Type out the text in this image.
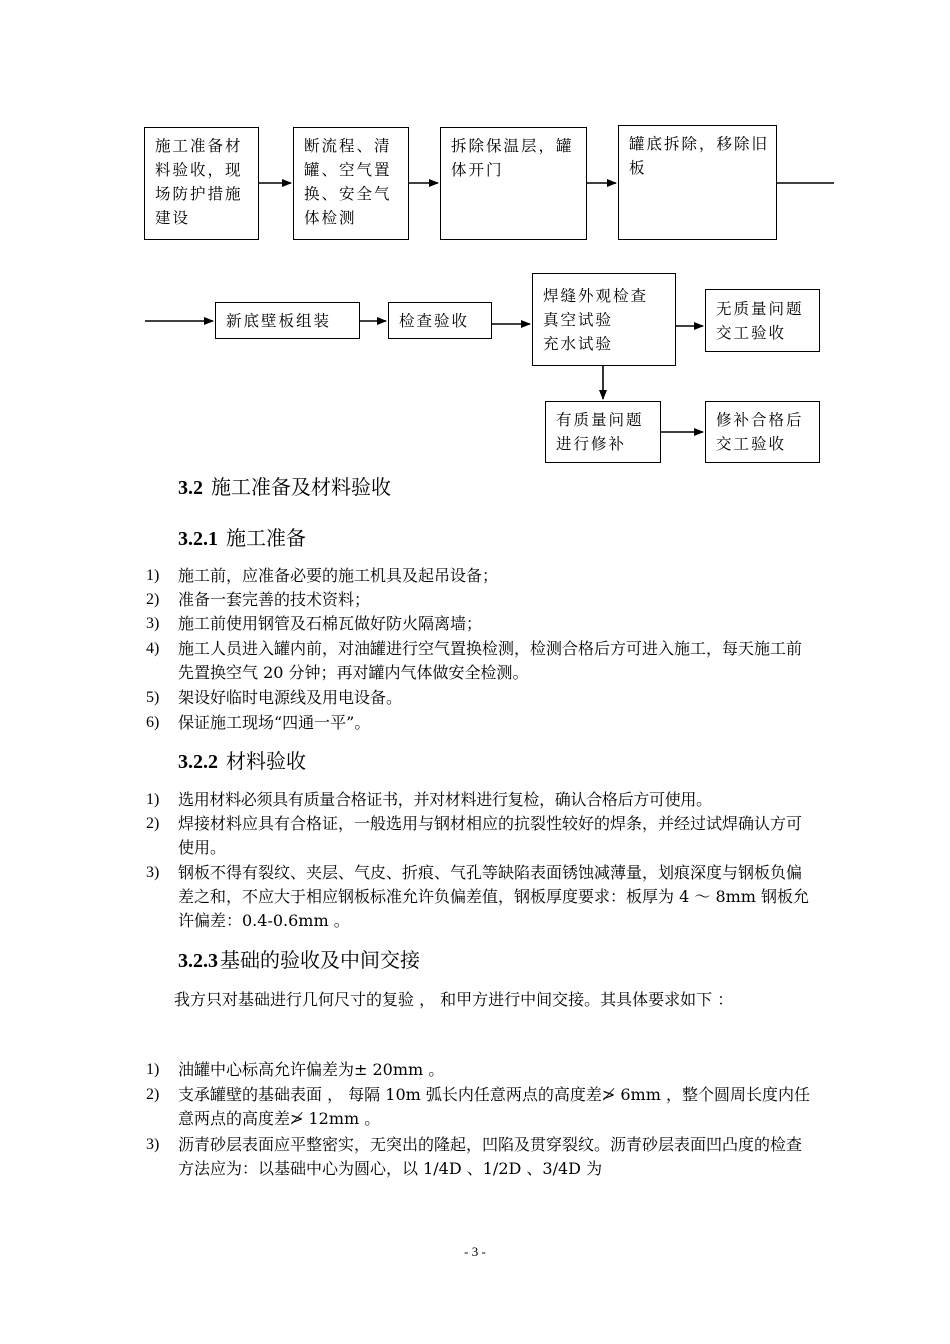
施工准备材
料验收，现
场防护措施
建设
断流程、清
罐、空气置
换、安全气
体检测
拆除保温层，罐
体开门
罐底拆除，移除旧
板
新底壁板组装	检查验收
焊缝外观检查
真空试验
充水试验
无质量问题
交工验收
有质量问题
进行修补
修补合格后
交工验收
3.2 施工准备及材料验收
3.2.1 施工准备
1) 施工前，应准备必要的施工机具及起吊设备；
2) 准备一套完善的技术资料；
3) 施工前使用钢管及石棉瓦做好防火隔离墙；
4) 施工人员进入罐内前，对油罐进行空气置换检测，检测合格后方可进入施工，每天施工前先置换空气 20 分钟；再对罐内气体做安全检测。
5) 架设好临时电源线及用电设备。
6) 保证施工现场“四通一平”。
3.2.2 材料验收
1) 选用材料必须具有质量合格证书，并对材料进行复检，确认合格后方可使用。
2) 焊接材料应具有合格证，一般选用与钢材相应的抗裂性较好的焊条，并经过试焊确认方可使用。
3) 钢板不得有裂纹、夹层、气皮、折痕、气孔等缺陷表面锈蚀减薄量，划痕深度与钢板负偏差之和，不应大于相应钢板标准允许负偏差值，钢板厚度要求：板厚为 4 ～ 8mm 钢板允许偏差：0.4-0.6mm 。
3.2.3 基础的验收及中间交接
我方只对基础进行几何尺寸的复验 ， 和甲方进行中间交接。其具体要求如下 ：
1) 油罐中心标高允许偏差为± 20mm 。
2) 支承罐壁的基础表面 ， 每隔 10m 弧长内任意两点的高度差≯ 6mm ，整个圆周长度内任意两点的高度差≯ 12mm 。
3) 沥青砂层表面应平整密实，无突出的隆起，凹陷及贯穿裂纹。沥青砂层表面凹凸度的检查方法应为：以基础中心为圆心，以 1/4D 、1/2D 、3/4D 为
- 3 -
